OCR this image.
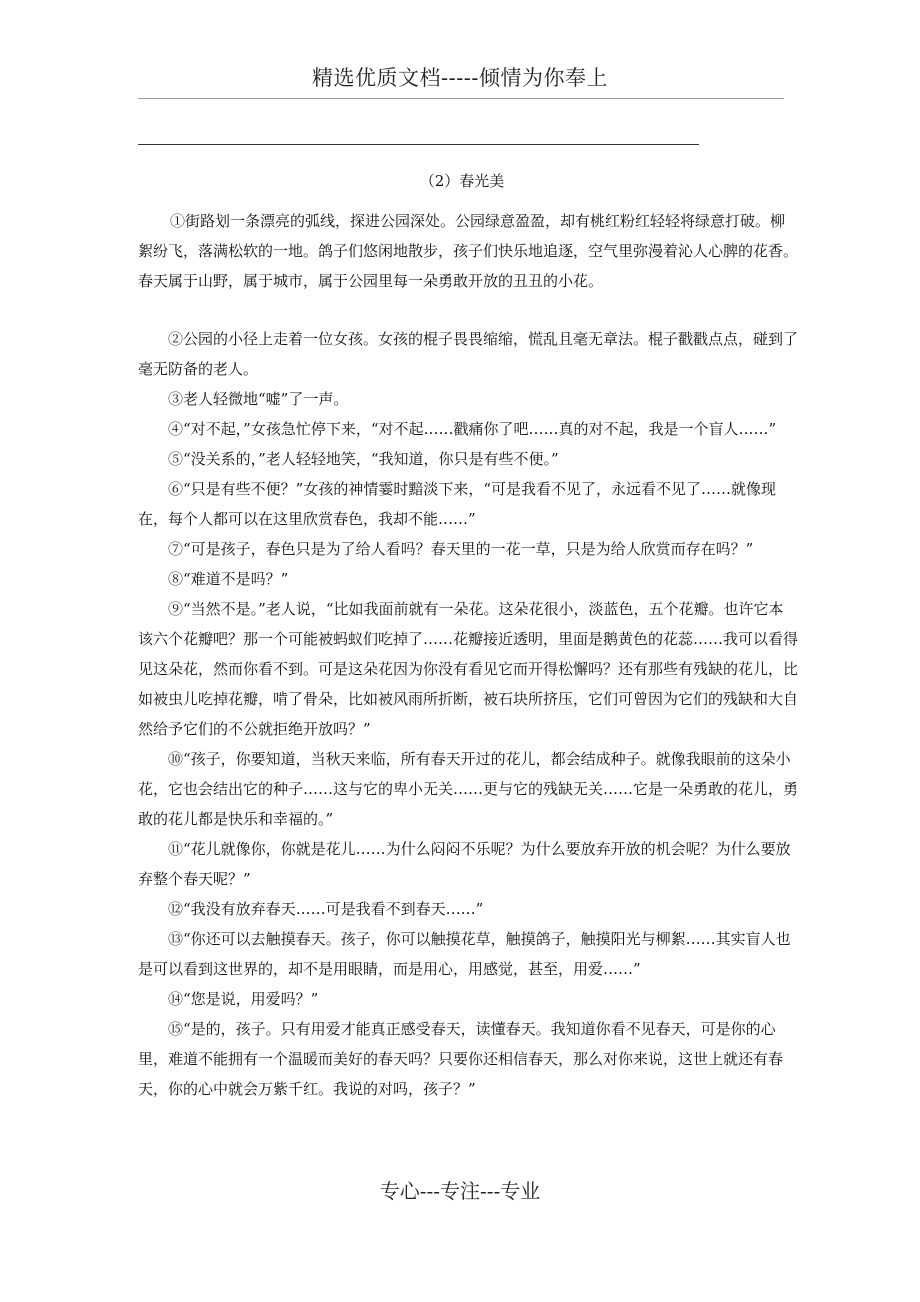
精选优质文档-----倾情为你奉上
（2）春光美

①街路划一条漂亮的弧线，探进公园深处。公园绿意盈盈，却有桃红粉红轻轻将绿意打破。柳絮纷飞，落满松软的一地。鸽子们悠闲地散步，孩子们快乐地追逐，空气里弥漫着沁人心脾的花香。春天属于山野，属于城市，属于公园里每一朵勇敢开放的丑丑的小花。

②公园的小径上走着一位女孩。女孩的棍子畏畏缩缩，慌乱且毫无章法。棍子戳戳点点，碰到了毫无防备的老人。

③老人轻微地“嘘”了一声。

④“对不起，”女孩急忙停下来，“对不起……戳痛你了吧……真的对不起，我是一个盲人……”

⑤“没关系的，”老人轻轻地笑，“我知道，你只是有些不便。”

⑥“只是有些不便？”女孩的神情霎时黯淡下来，“可是我看不见了，永远看不见了……就像现在，每个人都可以在这里欣赏春色，我却不能……”

⑦“可是孩子，春色只是为了给人看吗？春天里的一花一草，只是为给人欣赏而存在吗？”

⑧“难道不是吗？”

⑨“当然不是。”老人说，“比如我面前就有一朵花。这朵花很小，淡蓝色，五个花瓣。也许它本该六个花瓣吧？那一个可能被蚂蚁们吃掉了……花瓣接近透明，里面是鹅黄色的花蕊……我可以看得见这朵花，然而你看不到。可是这朵花因为你没有看见它而开得松懈吗？还有那些有残缺的花儿，比如被虫儿吃掉花瓣，啃了骨朵，比如被风雨所折断，被石块所挤压，它们可曾因为它们的残缺和大自然给予它们的不公就拒绝开放吗？”

⑩“孩子，你要知道，当秋天来临，所有春天开过的花儿，都会结成种子。就像我眼前的这朵小花，它也会结出它的种子……这与它的卑小无关……更与它的残缺无关……它是一朵勇敢的花儿，勇敢的花儿都是快乐和幸福的。”

⑪“花儿就像你，你就是花儿……为什么闷闷不乐呢？为什么要放弃开放的机会呢？为什么要放弃整个春天呢？”

⑫“我没有放弃春天……可是我看不到春天……”

⑬“你还可以去触摸春天。孩子，你可以触摸花草，触摸鸽子，触摸阳光与柳絮……其实盲人也是可以看到这世界的，却不是用眼睛，而是用心，用感觉，甚至，用爱……”

⑭“您是说，用爱吗？”

⑮“是的，孩子。只有用爱才能真正感受春天，读懂春天。我知道你看不见春天，可是你的心里，难道不能拥有一个温暖而美好的春天吗？只要你还相信春天，那么对你来说，这世上就还有春天，你的心中就会万紫千红。我说的对吗，孩子？”

专心---专注---专业
